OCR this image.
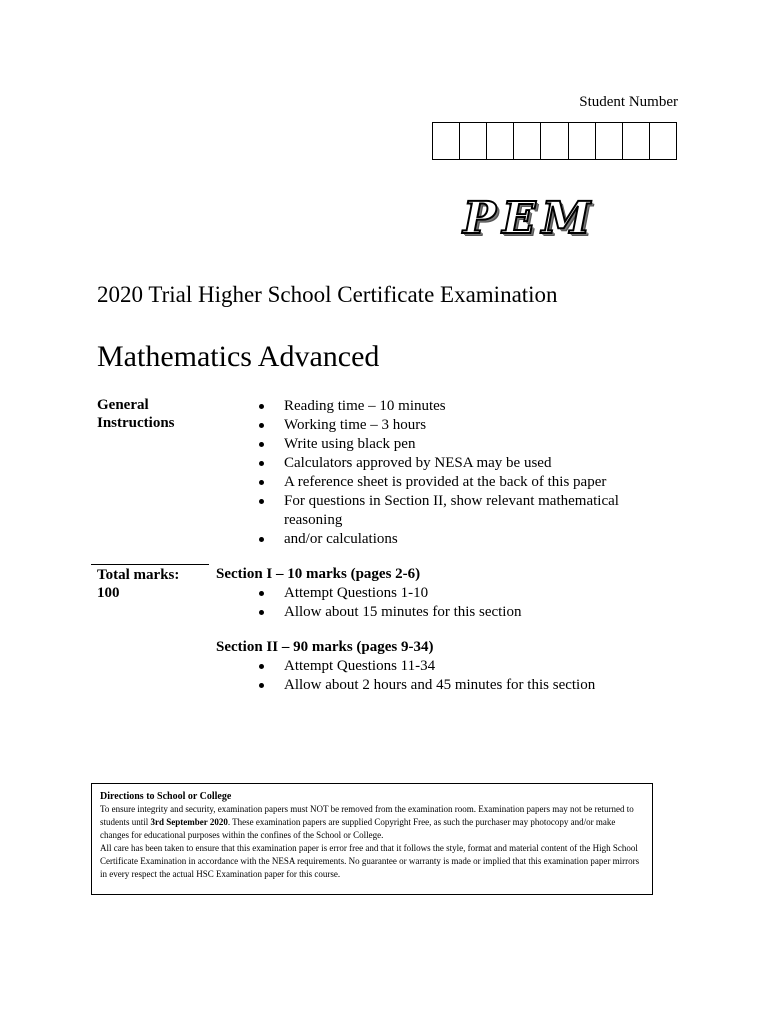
Student Number
PEM
2020 Trial Higher School Certificate Examination
Mathematics Advanced
General
Instructions
Reading time – 10 minutes
Working time – 3 hours
Write using black pen
Calculators approved by NESA may be used
A reference sheet is provided at the back of this paper
For questions in Section II, show relevant mathematical reasoning
and/or calculations
Total marks:
100
Section I – 10 marks (pages 2-6)
Attempt Questions 1-10
Allow about 15 minutes for this section
Section II – 90 marks (pages 9-34)
Attempt Questions 11-34
Allow about 2 hours and 45 minutes for this section
Directions to School or College

To ensure integrity and security, examination papers must NOT be removed from the examination room. Examination papers may not be returned to students until 3rd September 2020. These examination papers are supplied Copyright Free, as such the purchaser may photocopy and/or make changes for educational purposes within the confines of the School or College.

All care has been taken to ensure that this examination paper is error free and that it follows the style, format and material content of the High School Certificate Examination in accordance with the NESA requirements. No guarantee or warranty is made or implied that this examination paper mirrors in every respect the actual HSC Examination paper for this course.
